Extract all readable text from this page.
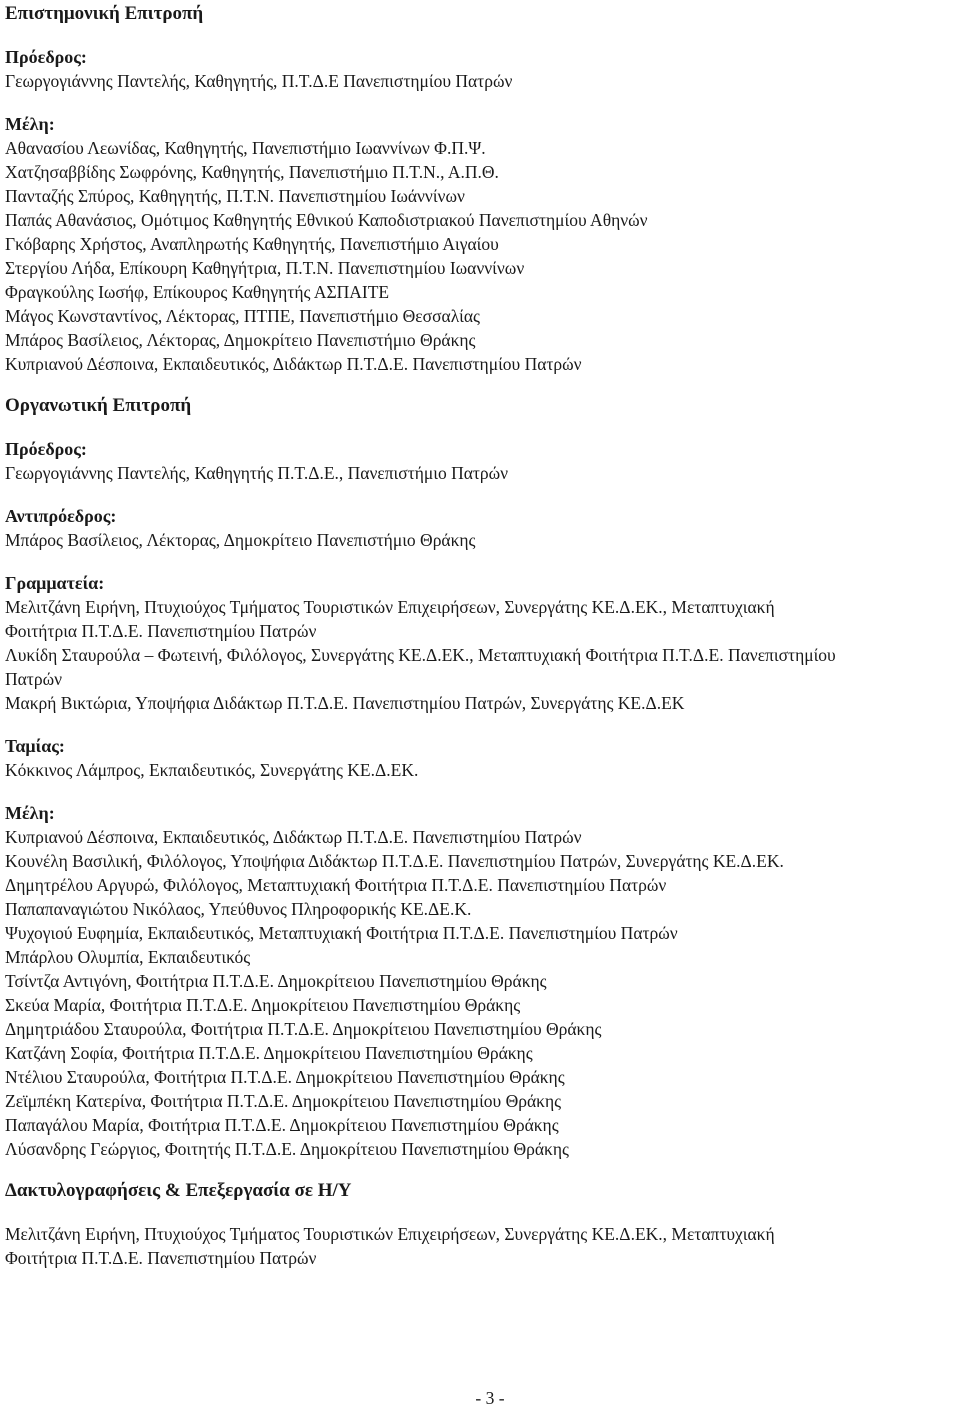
Επιστημονική Επιτροπή

Πρόεδρος:

Γεωργογιάννης Παντελής, Καθηγητής, Π.Τ.Δ.Ε Πανεπιστημίου Πατρών

Μέλη:

Αθανασίου Λεωνίδας, Καθηγητής, Πανεπιστήμιο Ιωαννίνων Φ.Π.Ψ.

Χατζησαββίδης Σωφρόνης, Καθηγητής, Πανεπιστήμιο Π.Τ.Ν., Α.Π.Θ.

Πανταζής Σπύρος, Καθηγητής, Π.Τ.Ν. Πανεπιστημίου Ιωάννίνων

Παπάς Αθανάσιος, Ομότιμος Καθηγητής Εθνικού Καποδιστριακού Πανεπιστημίου Αθηνών

Γκόβαρης Χρήστος, Αναπληρωτής Καθηγητής, Πανεπιστήμιο Αιγαίου

Στεργίου Λήδα, Επίκουρη Καθηγήτρια, Π.Τ.Ν. Πανεπιστημίου Ιωαννίνων

Φραγκούλης Ιωσήφ, Επίκουρος Καθηγητής ΑΣΠΑΙΤΕ

Μάγος Κωνσταντίνος, Λέκτορας, ΠΤΠΕ, Πανεπιστήμιο Θεσσαλίας

Μπάρος Βασίλειος, Λέκτορας, Δημοκρίτειο Πανεπιστήμιο Θράκης

Κυπριανού Δέσποινα, Εκπαιδευτικός, Διδάκτωρ Π.Τ.Δ.Ε. Πανεπιστημίου Πατρών

Οργανωτική Επιτροπή

Πρόεδρος:

Γεωργογιάννης Παντελής, Καθηγητής Π.Τ.Δ.Ε., Πανεπιστήμιο Πατρών

Αντιπρόεδρος:

Μπάρος Βασίλειος, Λέκτορας, Δημοκρίτειο Πανεπιστήμιο Θράκης

Γραμματεία:

Μελιτζάνη Ειρήνη, Πτυχιούχος Τμήματος Τουριστικών Επιχειρήσεων, Συνεργάτης ΚΕ.Δ.ΕΚ., Μεταπτυχιακή

Φοιτήτρια Π.Τ.Δ.Ε. Πανεπιστημίου Πατρών

Λυκίδη Σταυρούλα – Φωτεινή, Φιλόλογος, Συνεργάτης ΚΕ.Δ.ΕΚ., Μεταπτυχιακή Φοιτήτρια Π.Τ.Δ.Ε. Πανεπιστημίου

Πατρών

Μακρή Βικτώρια, Υποψήφια Διδάκτωρ Π.Τ.Δ.Ε. Πανεπιστημίου Πατρών, Συνεργάτης ΚΕ.Δ.ΕΚ

Ταμίας:

Κόκκινος Λάμπρος, Εκπαιδευτικός, Συνεργάτης ΚΕ.Δ.ΕΚ.

Μέλη:

Κυπριανού Δέσποινα, Εκπαιδευτικός, Διδάκτωρ Π.Τ.Δ.Ε. Πανεπιστημίου Πατρών

Κουνέλη Βασιλική, Φιλόλογος, Υποψήφια Διδάκτωρ Π.Τ.Δ.Ε. Πανεπιστημίου Πατρών, Συνεργάτης ΚΕ.Δ.ΕΚ.

Δημητρέλου Αργυρώ, Φιλόλογος, Μεταπτυχιακή Φοιτήτρια Π.Τ.Δ.Ε. Πανεπιστημίου Πατρών

Παπαπαναγιώτου Νικόλαος, Υπεύθυνος Πληροφορικής ΚΕ.ΔΕ.Κ.

Ψυχογιού Ευφημία, Εκπαιδευτικός, Μεταπτυχιακή Φοιτήτρια Π.Τ.Δ.Ε. Πανεπιστημίου Πατρών

Μπάρλου Ολυμπία, Εκπαιδευτικός

Τσίντζα Αντιγόνη, Φοιτήτρια Π.Τ.Δ.Ε. Δημοκρίτειου Πανεπιστημίου Θράκης

Σκεύα Μαρία, Φοιτήτρια Π.Τ.Δ.Ε. Δημοκρίτειου Πανεπιστημίου Θράκης

Δημητριάδου Σταυρούλα, Φοιτήτρια Π.Τ.Δ.Ε. Δημοκρίτειου Πανεπιστημίου Θράκης

Κατζάνη Σοφία, Φοιτήτρια Π.Τ.Δ.Ε. Δημοκρίτειου Πανεπιστημίου Θράκης

Ντέλιου Σταυρούλα, Φοιτήτρια Π.Τ.Δ.Ε. Δημοκρίτειου Πανεπιστημίου Θράκης

Ζεϊμπέκη Κατερίνα, Φοιτήτρια Π.Τ.Δ.Ε. Δημοκρίτειου Πανεπιστημίου Θράκης

Παπαγάλου Μαρία, Φοιτήτρια Π.Τ.Δ.Ε. Δημοκρίτειου Πανεπιστημίου Θράκης

Λύσανδρης Γεώργιος, Φοιτητής Π.Τ.Δ.Ε. Δημοκρίτειου Πανεπιστημίου Θράκης

Δακτυλογραφήσεις & Επεξεργασία σε Η/Υ

Μελιτζάνη Ειρήνη, Πτυχιούχος Τμήματος Τουριστικών Επιχειρήσεων, Συνεργάτης ΚΕ.Δ.ΕΚ., Μεταπτυχιακή

Φοιτήτρια Π.Τ.Δ.Ε. Πανεπιστημίου Πατρών

- 3 -
